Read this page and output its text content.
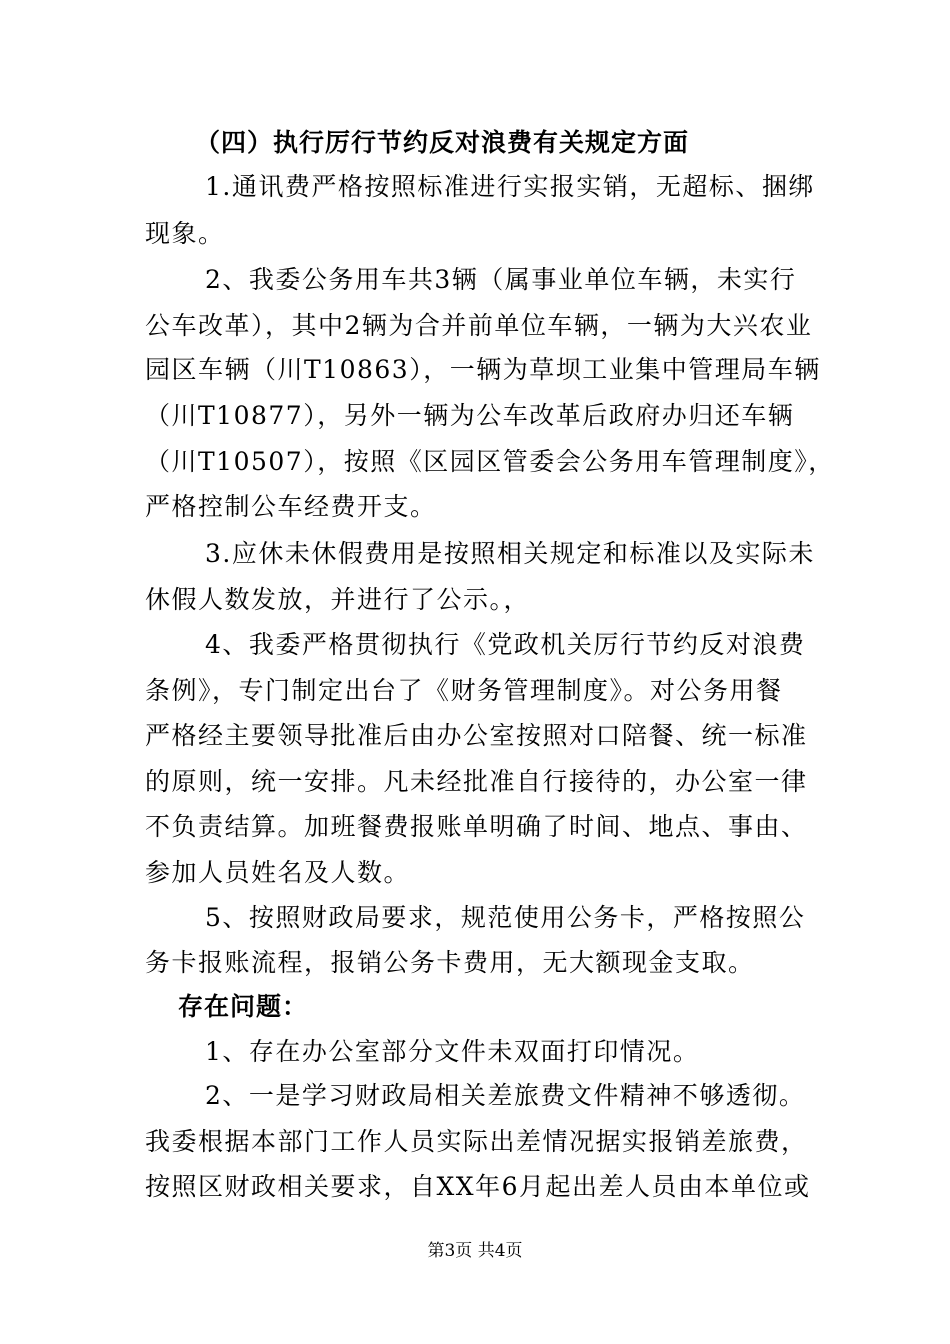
（四）执行厉行节约反对浪费有关规定方面
1.通讯费严格按照标准进行实报实销，无超标、捆绑
现象。
2、我委公务用车共3辆（属事业单位车辆，未实行
公车改革），其中2辆为合并前单位车辆，一辆为大兴农业
园区车辆（川T10863），一辆为草坝工业集中管理局车辆
（川T10877），另外一辆为公车改革后政府办归还车辆
（川T10507），按照《区园区管委会公务用车管理制度》，
严格控制公车经费开支。
3.应休未休假费用是按照相关规定和标准以及实际未
休假人数发放，并进行了公示。，
4、我委严格贯彻执行《党政机关厉行节约反对浪费
条例》，专门制定出台了《财务管理制度》。对公务用餐
严格经主要领导批准后由办公室按照对口陪餐、统一标准
的原则，统一安排。凡未经批准自行接待的，办公室一律
不负责结算。加班餐费报账单明确了时间、地点、事由、
参加人员姓名及人数。
5、按照财政局要求，规范使用公务卡，严格按照公
务卡报账流程，报销公务卡费用，无大额现金支取。
存在问题：
1、存在办公室部分文件未双面打印情况。
2、一是学习财政局相关差旅费文件精神不够透彻。
我委根据本部门工作人员实际出差情况据实报销差旅费，
按照区财政相关要求，自XX年6月起出差人员由本单位或
第3页 共4页
